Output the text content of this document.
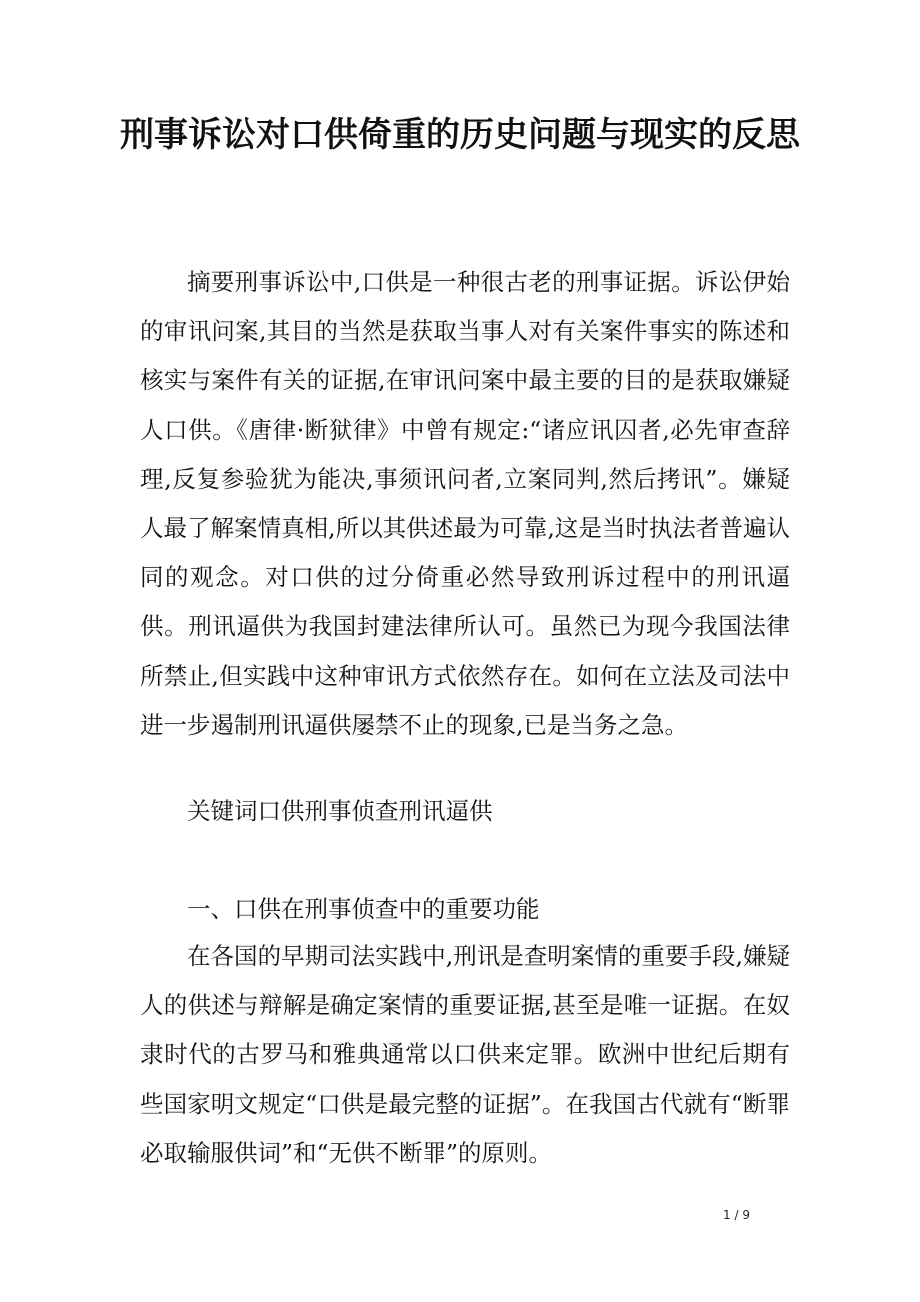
刑事诉讼对口供倚重的历史问题与现实的反思

摘要刑事诉讼中,口供是一种很古老的刑事证据。诉讼伊始的审讯问案,其目的当然是获取当事人对有关案件事实的陈述和核实与案件有关的证据,在审讯问案中最主要的目的是获取嫌疑人口供。《唐律·断狱律》中曾有规定:“诸应讯囚者,必先审查辞理,反复参验犹为能决,事须讯问者,立案同判,然后拷讯”。嫌疑人最了解案情真相,所以其供述最为可靠,这是当时执法者普遍认同的观念。对口供的过分倚重必然导致刑诉过程中的刑讯逼供。刑讯逼供为我国封建法律所认可。虽然已为现今我国法律所禁止,但实践中这种审讯方式依然存在。如何在立法及司法中进一步遏制刑讯逼供屡禁不止的现象,已是当务之急。

关键词口供刑事侦查刑讯逼供

一、口供在刑事侦查中的重要功能

在各国的早期司法实践中,刑讯是查明案情的重要手段,嫌疑人的供述与辩解是确定案情的重要证据,甚至是唯一证据。在奴隶时代的古罗马和雅典通常以口供来定罪。欧洲中世纪后期有些国家明文规定“口供是最完整的证据”。在我国古代就有“断罪必取输服供词”和“无供不断罪”的原则。

1 / 9
